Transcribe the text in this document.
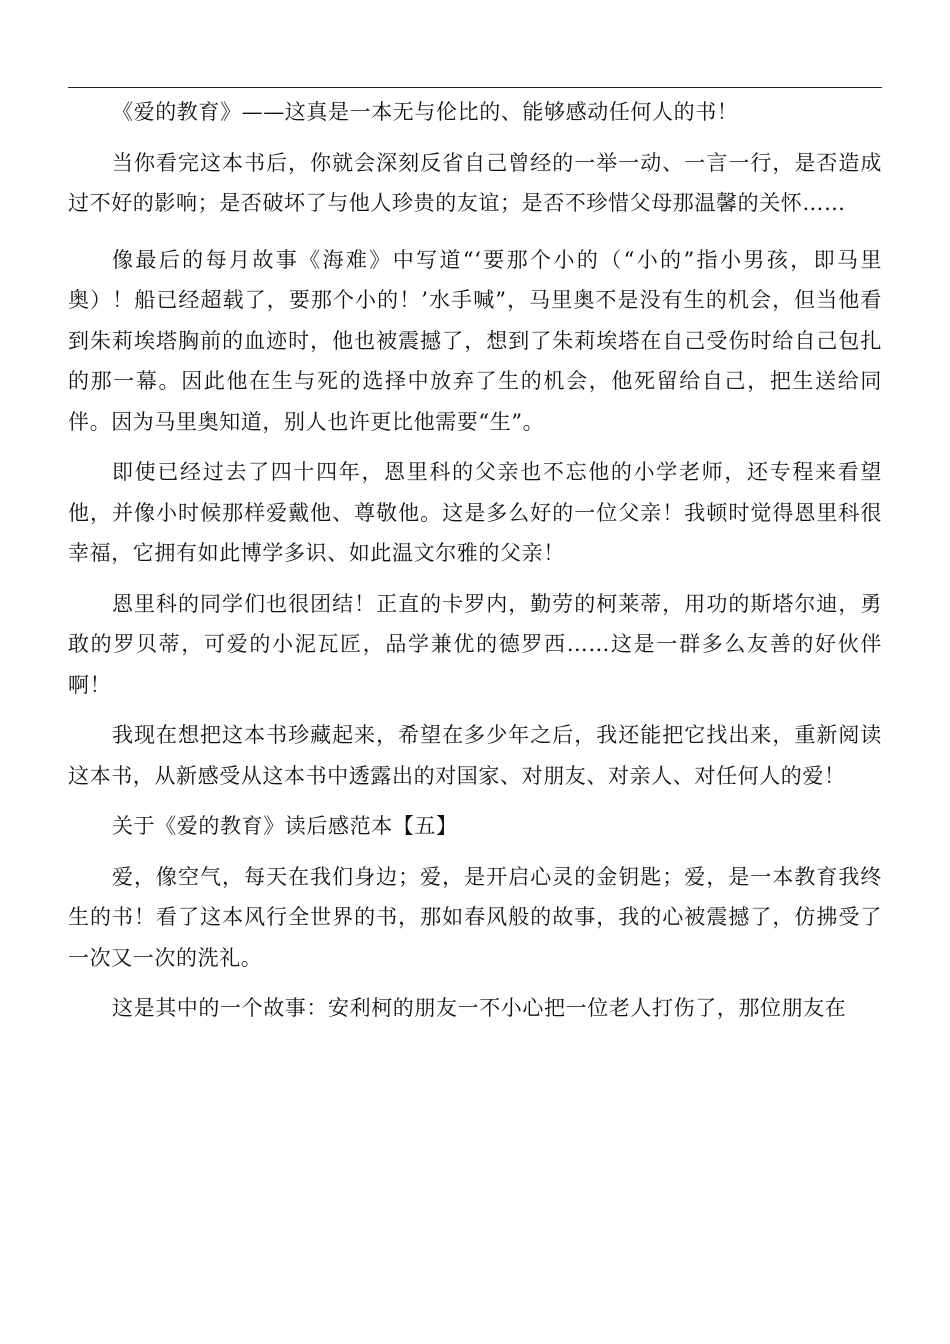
《爱的教育》——这真是一本无与伦比的、能够感动任何人的书！

当你看完这本书后，你就会深刻反省自己曾经的一举一动、一言一行，是否造成过不好的影响；是否破坏了与他人珍贵的友谊；是否不珍惜父母那温馨的关怀……

像最后的每月故事《海难》中写道“‘要那个小的（“小的”指小男孩，即马里奥）！船已经超载了，要那个小的！’水手喊”，马里奥不是没有生的机会，但当他看到朱莉埃塔胸前的血迹时，他也被震撼了，想到了朱莉埃塔在自己受伤时给自己包扎的那一幕。因此他在生与死的选择中放弃了生的机会，他死留给自己，把生送给同伴。因为马里奥知道，别人也许更比他需要“生”。

即使已经过去了四十四年，恩里科的父亲也不忘他的小学老师，还专程来看望他，并像小时候那样爱戴他、尊敬他。这是多么好的一位父亲！我顿时觉得恩里科很幸福，它拥有如此博学多识、如此温文尔雅的父亲！

恩里科的同学们也很团结！正直的卡罗内，勤劳的柯莱蒂，用功的斯塔尔迪，勇敢的罗贝蒂，可爱的小泥瓦匠，品学兼优的德罗西……这是一群多么友善的好伙伴啊！

我现在想把这本书珍藏起来，希望在多少年之后，我还能把它找出来，重新阅读这本书，从新感受从这本书中透露出的对国家、对朋友、对亲人、对任何人的爱！

关于《爱的教育》读后感范本【五】

爱，像空气，每天在我们身边；爱，是开启心灵的金钥匙；爱，是一本教育我终生的书！看了这本风行全世界的书，那如春风般的故事，我的心被震撼了，仿拂受了一次又一次的洗礼。

这是其中的一个故事：安利柯的朋友一不小心把一位老人打伤了，那位朋友在
